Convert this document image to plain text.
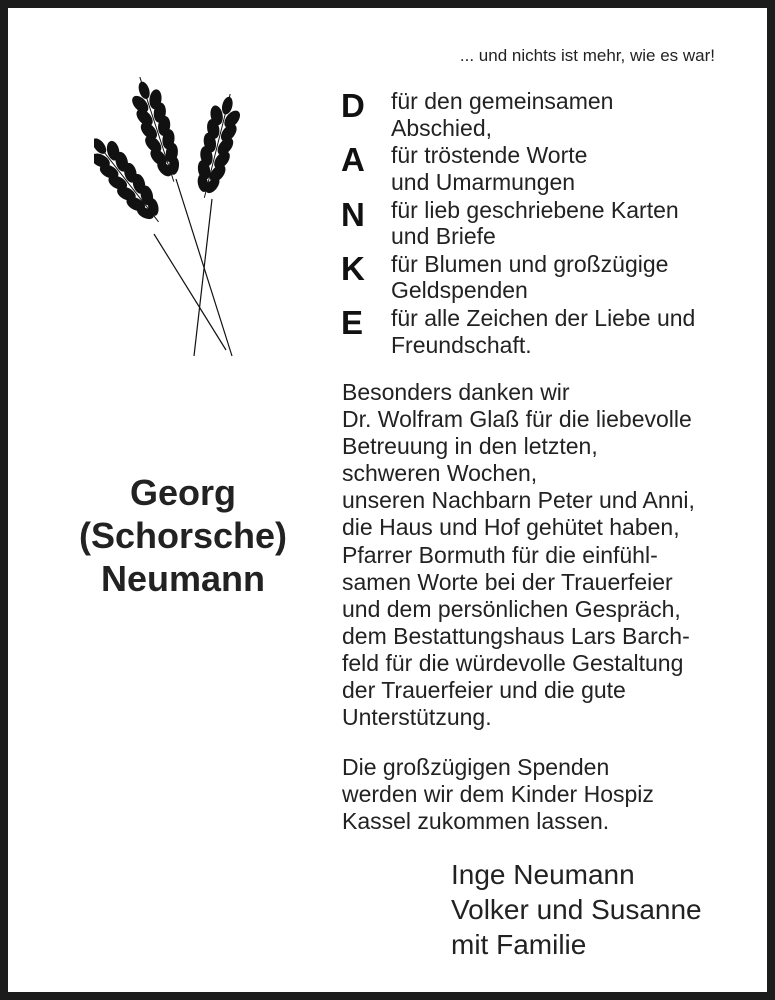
... und nichts ist mehr, wie es war!
Georg
(Schorsche)
Neumann
D für den gemeinsamen
Abschied,
A für tröstende Worte
und Umarmungen
N für lieb geschriebene Karten
und Briefe
K für Blumen und großzügige
Geldspenden
E für alle Zeichen der Liebe und
Freundschaft.
Besonders danken wir
Dr. Wolfram Glaß für die liebevolle
Betreuung in den letzten,
schweren Wochen,
unseren Nachbarn Peter und Anni,
die Haus und Hof gehütet haben,
Pfarrer Bormuth für die einfühl-
samen Worte bei der Trauerfeier
und dem persönlichen Gespräch,
dem Bestattungshaus Lars Barch-
feld für die würdevolle Gestaltung
der Trauerfeier und die gute
Unterstützung.
Die großzügigen Spenden
werden wir dem Kinder Hospiz
Kassel zukommen lassen.
Inge Neumann
Volker und Susanne
mit Familie
